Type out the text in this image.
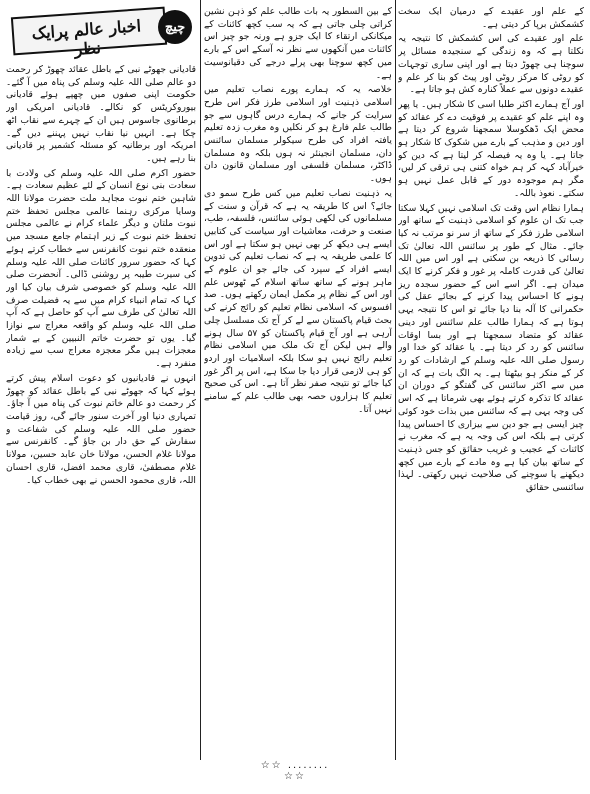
کے علم اور عقیدے کے درمیان ایک سخت کشمکش برپا کر دیتی ہے۔

علم اور عقیدے کی اس کشمکش کا نتیجہ یہ نکلتا ہے کہ وہ زندگی کے سنجیدہ مسائل پر سوچنا ہی چھوڑ دیتا ہے اور اپنی ساری توجہات کو روٹی کا مرکز روٹی اور پیٹ کو بنا کر علم و عقیدے دونوں سے عملاً کنارہ کش ہو جاتا ہے۔

اور آج ہمارے اکثر طلبا اسی کا شکار ہیں۔ یا پھر وہ اپنے علم کو عقیدے پر فوقیت دے کر عقائد کو محض ایک ڈھکوسلا سمجھنا شروع کر دیتا ہے اور دین و مذہب کے بارے میں شکوک کا شکار ہو جاتا ہے۔ یا وہ یہ فیصلہ کر لیتا ہے کہ دین کو خیرآباد کہہ کر ہم خواہ کتنی ہی ترقی کر لیں، مگر ہم موجودہ دور کے قابل عمل نہیں ہو سکتے۔ نعوذ باللہ۔

ہمارا نظام اس وقت تک اسلامی نہیں کہلا سکتا جب تک ان علوم کو اسلامی ذہنیت کے ساتھ اور اسلامی طرز فکر کے ساتھ از سر نو مرتب نہ کیا جائے۔ مثال کے طور پر سائنس اللہ تعالیٰ تک رسائی کا ذریعہ بن سکتی ہے اور اس میں اللہ تعالیٰ کی قدرت کاملہ پر غور و فکر کرنے کا ایک میدان ہے۔ اگر اسے اس کے حضور سجدہ ریز ہونے کا احساس پیدا کرنے کے بجائے عقل کی حکمرانی کا آلہ بنا دیا جائے تو اس کا نتیجہ یہی ہوتا ہے کہ ہمارا طالب علم سائنس اور دینی عقائد کو متضاد سمجھتا ہے اور بسا اوقات سائنس کو رد کر دیتا ہے۔ یا عقائد کو خدا اور رسول صلی اللہ علیہ وسلم کے ارشادات کو رد کر کے منکر ہو بیٹھتا ہے۔ یہ الگ بات ہے کہ ان میں سے اکثر سائنس کی گفتگو کے دوران ان عقائد کا تذکرہ کرتے ہوئے بھی شرماتا ہے کہ اس کی وجہ یہی ہے کہ سائنس میں بذات خود کوئی چیز ایسی ہے جو دین سے بیزاری کا احساس پیدا کرتی ہے بلکہ اس کی وجہ یہ ہے کہ مغرب نے کائنات کے عجیب و غریب حقائق کو جس ذہنیت کے ساتھ بیان کیا ہے وہ مادے کے بارے میں کچھ دیکھنے یا سوچنے کی صلاحیت نہیں رکھتی۔ لہذا سائنسی حقائق

کے بین السطور یہ بات طالب علم کو ذہن نشین کراتی چلی جاتی ہے کہ یہ سب کچھ کائنات کے میکانکی ارتقاء کا ایک جزو ہے ورنہ جو چیز اس کائنات میں آنکھوں سے نظر نہ آسکے اس کے بارے میں کچھ سوچنا بھی پرلے درجے کی دقیانوسیت ہے۔

خلاصہ یہ کہ ہمارے پورے نصاب تعلیم میں اسلامی ذہنیت اور اسلامی طرز فکر اس طرح سرایت کر جانے کہ ہمارے درس گاہوں سے جو طالب علم فارغ ہو کر نکلیں وہ مغرب زدہ تعلیم یافتہ افراد کی طرح سیکولر مسلمان سائنس دان، مسلمان انجینئر نہ ہوں بلکہ وہ مسلمان ڈاکٹر، مسلمان فلسفی اور مسلمان قانون دان ہوں۔

یہ ذہنیت نصاب تعلیم میں کس طرح سمو دی جائے؟ اس کا طریقہ یہ ہے کہ قرآن و سنت کے مسلمانوں کی لکھی ہوئی سائنس، فلسفہ، طب، صنعت و حرفت، معاشیات اور سیاست کی کتابیں ایسے ہی دیکھ کر بھی نہیں ہو سکتا ہے اور اس کا علمی طریقہ یہ ہے کہ نصاب تعلیم کی تدوین ایسے افراد کے سپرد کی جائے جو ان علوم کے ماہر ہونے کے ساتھ ساتھ اسلام کے ٹھوس علم اور اس کے نظام پر مکمل ایمان رکھتے ہوں۔ صد افسوس کہ اسلامی نظام تعلیم کو رائج کرنے کی بحث قیام پاکستان سے لے کر آج تک مسلسل چلی آرہی ہے اور آج قیام پاکستان کو ۵۷ سال ہونے والے ہیں لیکن آج تک ملک میں اسلامی نظام تعلیم رائج نہیں ہو سکا بلکہ اسلامیات اور اردو کو ہی لازمی قرار دیا جا سکا ہے، اس پر اگر غور کیا جائے تو نتیجہ صفر نظر آتا ہے۔ اس کی صحیح تعلیم کا ہزاروں حصہ بھی طالب علم کے سامنے نہیں آتا۔

اخبار عالم پرایک نظر
چیچ

قادیانی جھوٹے نبی کے باطل عقائد چھوڑ کر رحمت دو عالم صلی اللہ علیہ وسلم کی پناہ میں آ گئے۔ حکومت اپنی صفوں میں چھپے ہوئے قادیانی بیوروکریٹس کو نکالے۔ قادیانی امریکی اور برطانوی جاسوس ہیں ان کے چہرے سے نقاب اٹھ چکا ہے۔ انہیں نیا نقاب نہیں پہننے دیں گے۔ امریکہ اور برطانیہ کو مسئلہ کشمیر پر قادیانی بنا رہے ہیں۔

حضور اکرم صلی اللہ علیہ وسلم کی ولادت با سعادت بنی نوع انسان کے لئے عظیم سعادت ہے۔ شاہین ختم نبوت مجاہد ملت حضرت مولانا اللہ وسایا مرکزی رہنما عالمی مجلس تحفظ ختم نبوت ملتان و دیگر علماء کرام نے عالمی مجلس تحفظ ختم نبوت کے زیر اہتمام جامع مسجد میں منعقدہ ختم نبوت کانفرنس سے خطاب کرتے ہوئے کہا کہ حضور سرور کائنات صلی اللہ علیہ وسلم کی سیرت طیبہ پر روشنی ڈالی۔ آنحضرت صلی اللہ علیہ وسلم کو خصوصی شرف بیان کیا اور کہا کہ تمام انبیاء کرام میں سے یہ فضیلت صرف اللہ تعالیٰ کی طرف سے آپ کو حاصل ہے کہ آپ صلی اللہ علیہ وسلم کو واقعہ معراج سے نوازا گیا۔ یوں تو حضرت خاتم النبیین کے بے شمار معجزات ہیں مگر معجزہ معراج سب سے زیادہ منفرد ہے۔

انہوں نے قادیانیوں کو دعوت اسلام پیش کرتے ہوئے کہا کہ جھوٹے نبی کے باطل عقائد کو چھوڑ کر رحمت دو عالم خاتم نبوت کی پناہ میں آ جاؤ۔ تمہاری دنیا اور آخرت سنور جائے گی، روز قیامت حضور صلی اللہ علیہ وسلم کی شفاعت و سفارش کے حق دار بن جاؤ گے۔ کانفرنس سے مولانا غلام الحسن، مولانا خان عابد حسین، مولانا غلام مصطفیٰ، قاری محمد افضل، قاری احسان اللہ، قاری محمود الحسن نے بھی خطاب کیا۔

☆☆ ........ ☆☆
